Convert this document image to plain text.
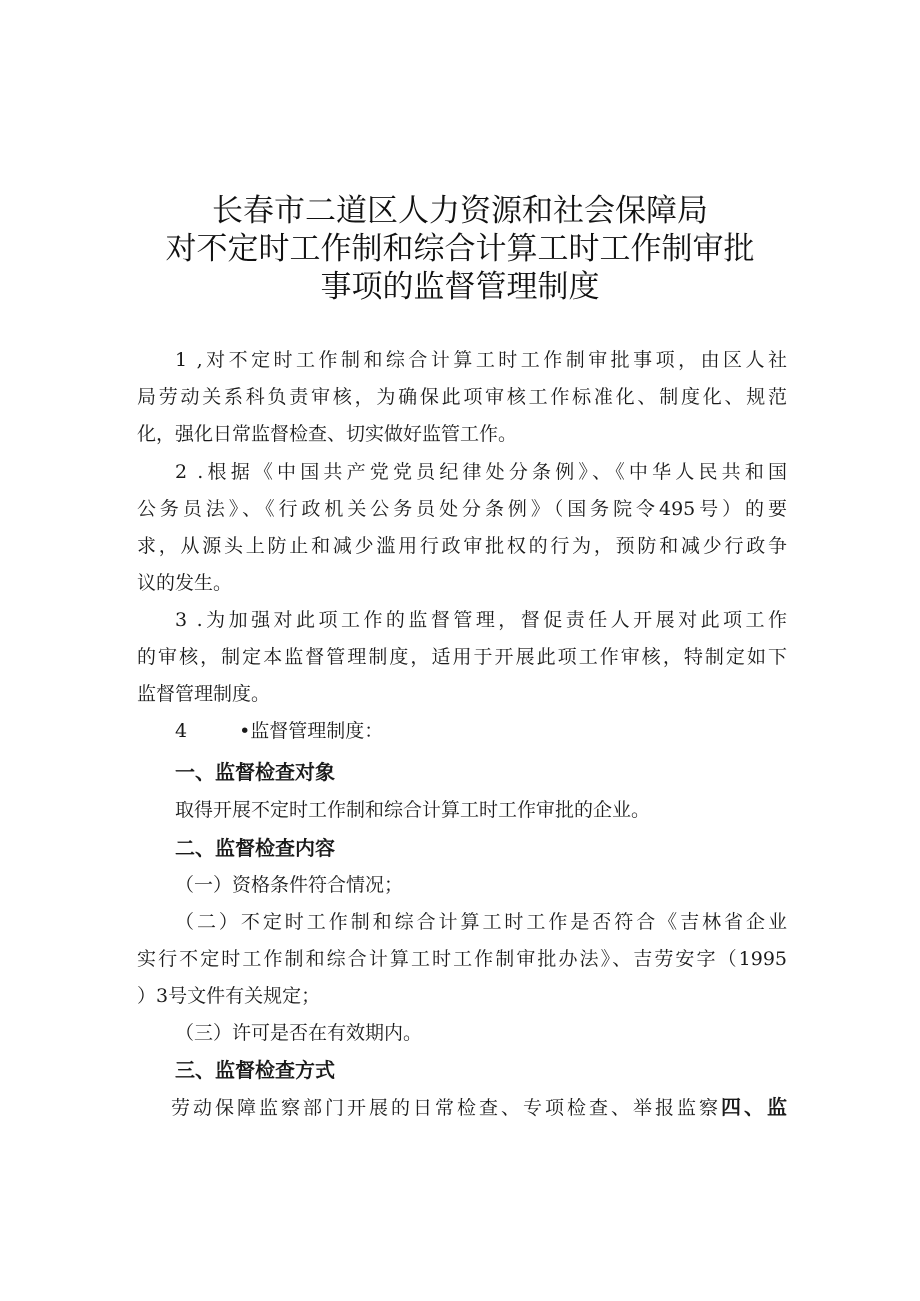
长春市二道区人力资源和社会保障局
对不定时工作制和综合计算工时工作制审批
事项的监督管理制度
1 ,对不定时工作制和综合计算工时工作制审批事项，由区人社
局劳动关系科负责审核，为确保此项审核工作标准化、制度化、规范
化，强化日常监督检查、切实做好监管工作。
2 .根据《中国共产党党员纪律处分条例》、《中华人民共和国
公务员法》、《行政机关公务员处分条例》（国务院令495号）的要
求，从源头上防止和减少滥用行政审批权的行为，预防和减少行政争
议的发生。
3 .为加强对此项工作的监督管理，督促责任人开展对此项工作
的审核，制定本监督管理制度，适用于开展此项工作审核，特制定如下
监督管理制度。
4	•监督管理制度：
一、监督检查对象
取得开展不定时工作制和综合计算工时工作审批的企业。
二、监督检查内容
（一）资格条件符合情况；
（二）不定时工作制和综合计算工时工作是否符合《吉林省企业
实行不定时工作制和综合计算工时工作制审批办法》、吉劳安字（1995
）3号文件有关规定；
（三）许可是否在有效期内。
三、监督检查方式
劳动保障监察部门开展的日常检查、专项检查、举报监察四、监
